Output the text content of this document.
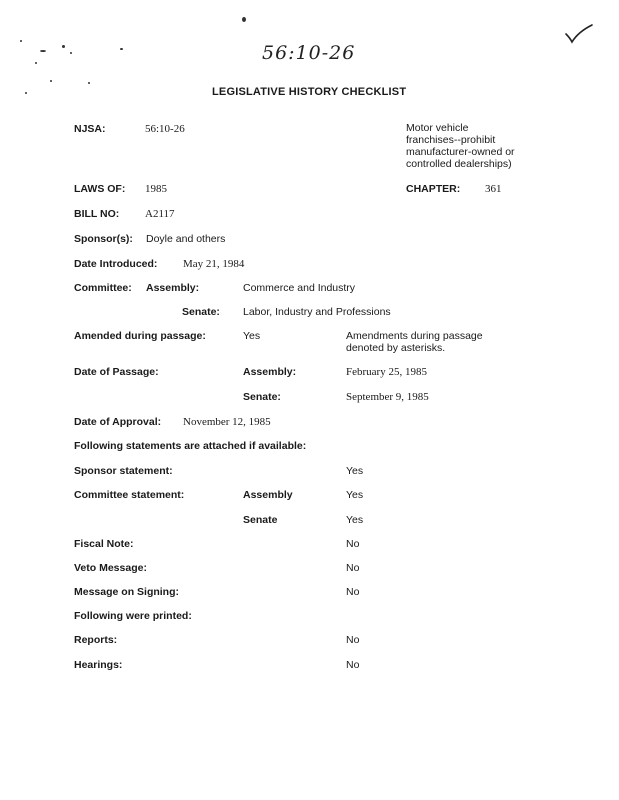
56:10-26
LEGISLATIVE HISTORY CHECKLIST
NJSA:	56:10-26	Motor vehicle
franchises--prohibit
manufacturer-owned or
controlled dealerships)
LAWS OF: 1985	CHAPTER: 361
BILL NO: A2117
Sponsor(s): Doyle and others
Date Introduced: May 21, 1984
Committee: Assembly:	Commerce and Industry
Senate: Labor, Industry and Professions
Amended during passage:	Yes	Amendments during passage
denoted by asterisks.
Date of Passage:	Assembly:	February 25, 1985
Senate:	September 9, 1985
Date of Approval: November 12, 1985
Following statements are attached if available:
Sponsor statement:	Yes
Committee statement:	Assembly	Yes
Senate	Yes
Fiscal Note:	No
Veto Message:	No
Message on Signing:	No
Following were printed:
Reports:	No
Hearings:	No
